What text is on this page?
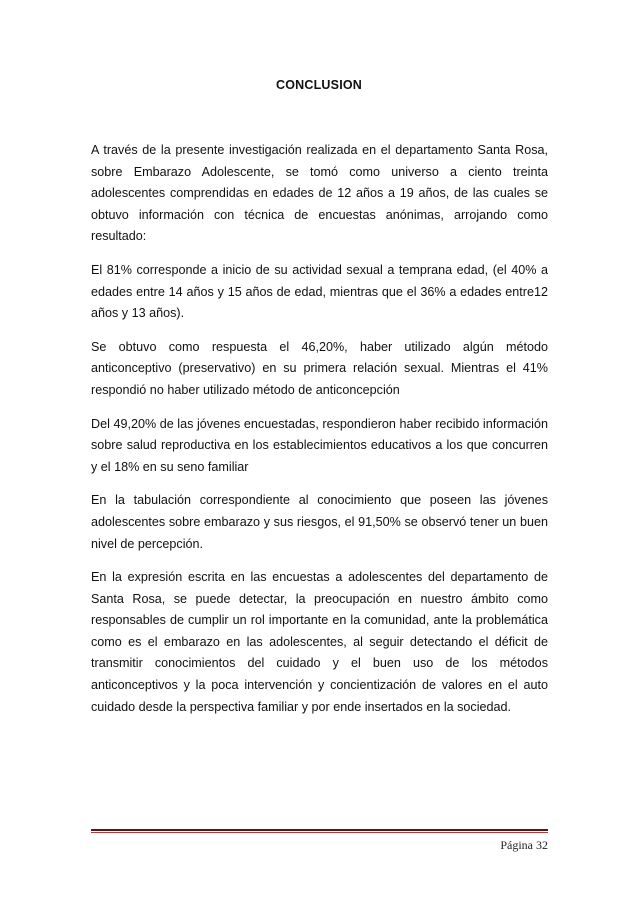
CONCLUSION

A través de la presente investigación realizada en el departamento Santa Rosa, sobre Embarazo Adolescente, se tomó como universo a ciento treinta adolescentes comprendidas en edades de 12 años a 19 años, de las cuales se obtuvo información con técnica de encuestas anónimas, arrojando como resultado:

El 81% corresponde a inicio de su actividad sexual a temprana edad, (el 40% a edades entre 14 años y 15 años de edad, mientras que el 36% a edades entre12 años y 13 años).

Se obtuvo como respuesta el 46,20%, haber utilizado algún método anticonceptivo (preservativo) en su primera relación sexual. Mientras el 41% respondió no haber utilizado método de anticoncepción

Del 49,20% de las jóvenes encuestadas, respondieron haber recibido información sobre salud reproductiva en los establecimientos educativos a los que concurren y el 18% en su seno familiar

En la tabulación correspondiente al conocimiento que poseen las jóvenes adolescentes sobre embarazo y sus riesgos, el 91,50% se observó tener un buen nivel de percepción.

En la expresión escrita en las encuestas a adolescentes del departamento de Santa Rosa, se puede detectar, la preocupación en nuestro ámbito como responsables de cumplir un rol importante en la comunidad, ante la problemática como es el embarazo en las adolescentes, al seguir detectando el déficit de transmitir conocimientos del cuidado y el buen uso de los métodos anticonceptivos y la poca intervención y concientización de valores en el auto cuidado desde la perspectiva familiar y por ende insertados en la sociedad.

Página 32
